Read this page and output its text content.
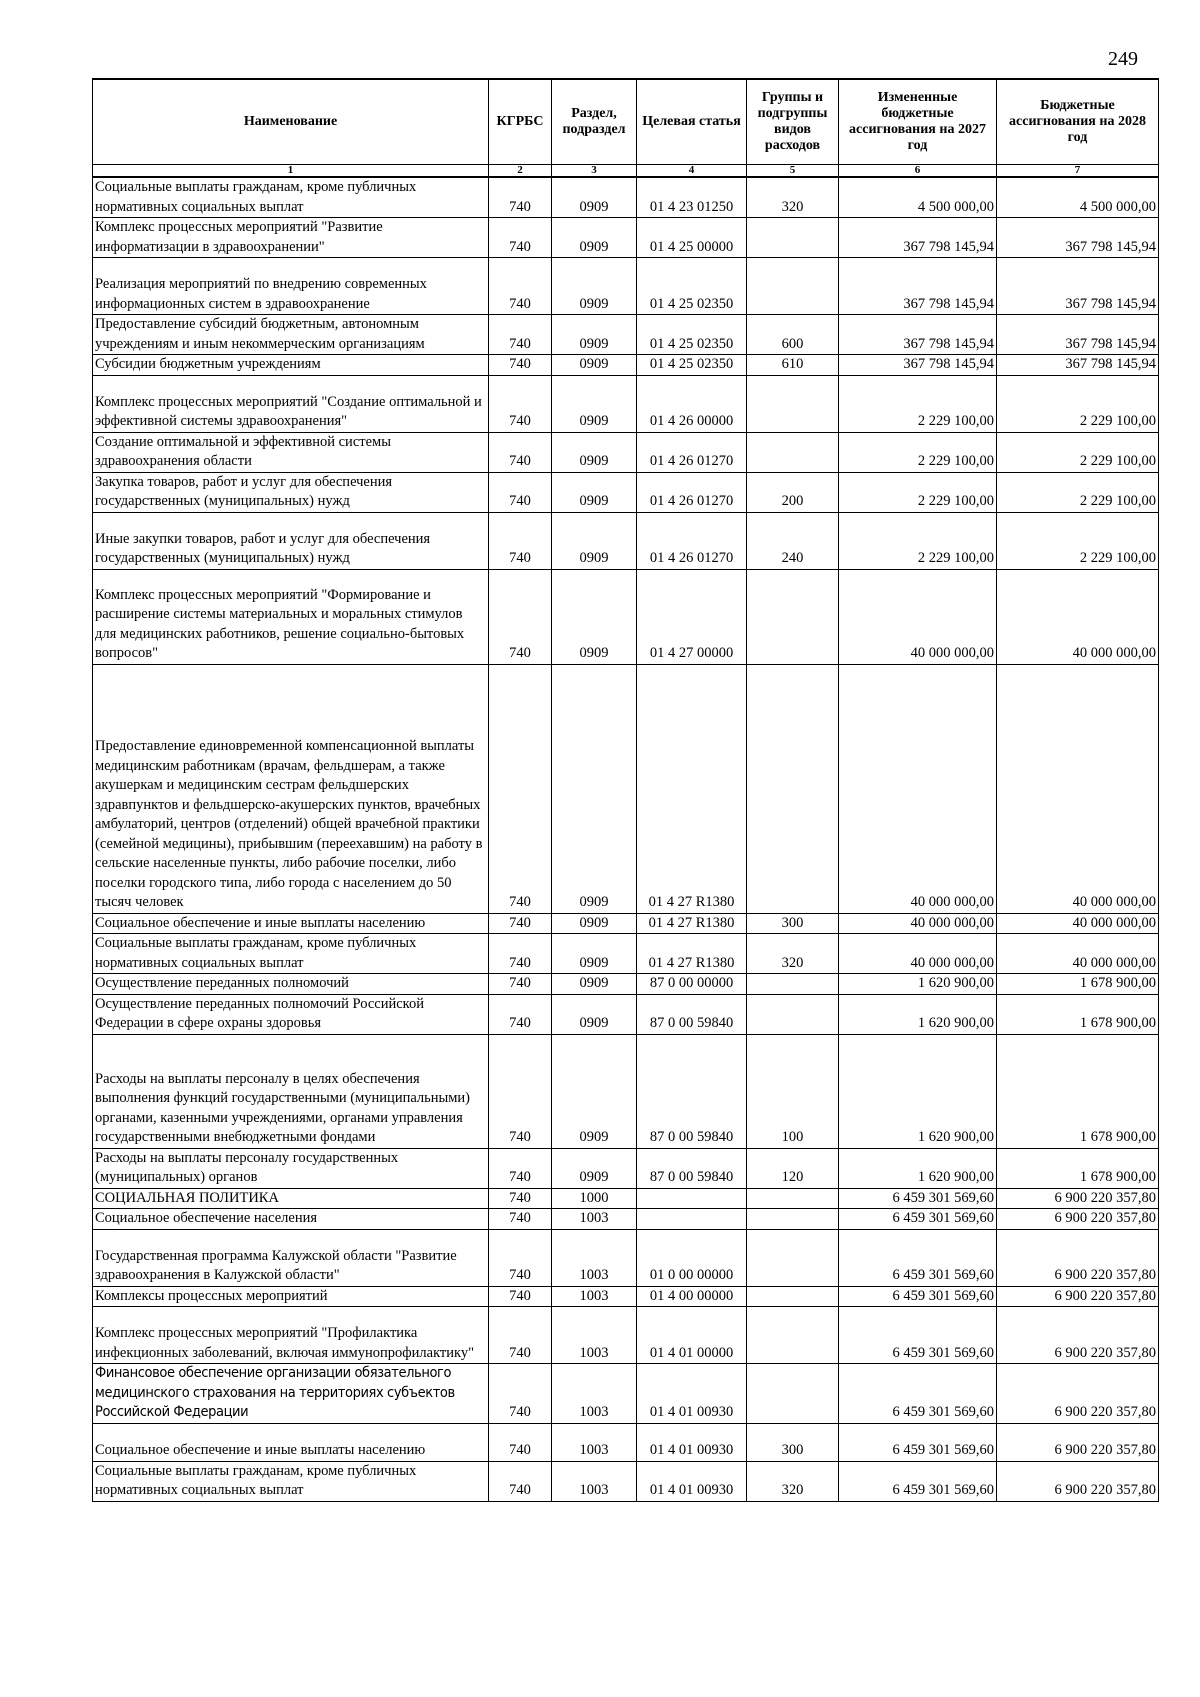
249
Наименование	КГРБС	Раздел, подраздел	Целевая статья	Группы и подгруппы видов расходов	Измененные бюджетные ассигнования на 2027 год	Бюджетные ассигнования на 2028 год
1	2	3	4	5	6	7
Социальные выплаты гражданам, кроме публичных нормативных социальных выплат	740	0909	01 4 23 01250	320	4 500 000,00	4 500 000,00
Комплекс процессных мероприятий "Развитие информатизации в здравоохранении"	740	0909	01 4 25 00000		367 798 145,94	367 798 145,94
Реализация мероприятий по внедрению современных информационных систем в здравоохранение	740	0909	01 4 25 02350		367 798 145,94	367 798 145,94
Предоставление субсидий бюджетным, автономным учреждениям и иным некоммерческим организациям	740	0909	01 4 25 02350	600	367 798 145,94	367 798 145,94
Субсидии бюджетным учреждениям	740	0909	01 4 25 02350	610	367 798 145,94	367 798 145,94
Комплекс процессных мероприятий "Создание оптимальной и эффективной системы здравоохранения"	740	0909	01 4 26 00000		2 229 100,00	2 229 100,00
Создание оптимальной и эффективной системы здравоохранения области	740	0909	01 4 26 01270		2 229 100,00	2 229 100,00
Закупка товаров, работ и услуг для обеспечения государственных (муниципальных) нужд	740	0909	01 4 26 01270	200	2 229 100,00	2 229 100,00
Иные закупки товаров, работ и услуг для обеспечения государственных (муниципальных) нужд	740	0909	01 4 26 01270	240	2 229 100,00	2 229 100,00
Комплекс процессных мероприятий "Формирование и расширение системы материальных и моральных стимулов для медицинских работников, решение социально-бытовых вопросов"	740	0909	01 4 27 00000		40 000 000,00	40 000 000,00
Предоставление единовременной компенсационной выплаты медицинским работникам (врачам, фельдшерам, а также акушеркам и медицинским сестрам фельдшерских здравпунктов и фельдшерско-акушерских пунктов, врачебных амбулаторий, центров (отделений) общей врачебной практики (семейной медицины), прибывшим (переехавшим) на работу в сельские населенные пункты, либо рабочие поселки, либо поселки городского типа, либо города с населением до 50 тысяч человек	740	0909	01 4 27 R1380		40 000 000,00	40 000 000,00
Социальное обеспечение и иные выплаты населению	740	0909	01 4 27 R1380	300	40 000 000,00	40 000 000,00
Социальные выплаты гражданам, кроме публичных нормативных социальных выплат	740	0909	01 4 27 R1380	320	40 000 000,00	40 000 000,00
Осуществление переданных полномочий	740	0909	87 0 00 00000		1 620 900,00	1 678 900,00
Осуществление переданных полномочий Российской Федерации в сфере охраны здоровья	740	0909	87 0 00 59840		1 620 900,00	1 678 900,00
Расходы на выплаты персоналу в целях обеспечения выполнения функций государственными (муниципальными) органами, казенными учреждениями, органами управления государственными внебюджетными фондами	740	0909	87 0 00 59840	100	1 620 900,00	1 678 900,00
Расходы на выплаты персоналу государственных (муниципальных) органов	740	0909	87 0 00 59840	120	1 620 900,00	1 678 900,00
СОЦИАЛЬНАЯ ПОЛИТИКА	740	1000			6 459 301 569,60	6 900 220 357,80
Социальное обеспечение населения	740	1003			6 459 301 569,60	6 900 220 357,80
Государственная программа Калужской области "Развитие здравоохранения в Калужской области"	740	1003	01 0 00 00000		6 459 301 569,60	6 900 220 357,80
Комплексы процессных мероприятий	740	1003	01 4 00 00000		6 459 301 569,60	6 900 220 357,80
Комплекс процессных мероприятий "Профилактика инфекционных заболеваний, включая иммунопрофилактику"	740	1003	01 4 01 00000		6 459 301 569,60	6 900 220 357,80
Финансовое обеспечение организации обязательного медицинского страхования на территориях субъектов Российской Федерации	740	1003	01 4 01 00930		6 459 301 569,60	6 900 220 357,80
Социальное обеспечение и иные выплаты населению	740	1003	01 4 01 00930	300	6 459 301 569,60	6 900 220 357,80
Социальные выплаты гражданам, кроме публичных нормативных социальных выплат	740	1003	01 4 01 00930	320	6 459 301 569,60	6 900 220 357,80
